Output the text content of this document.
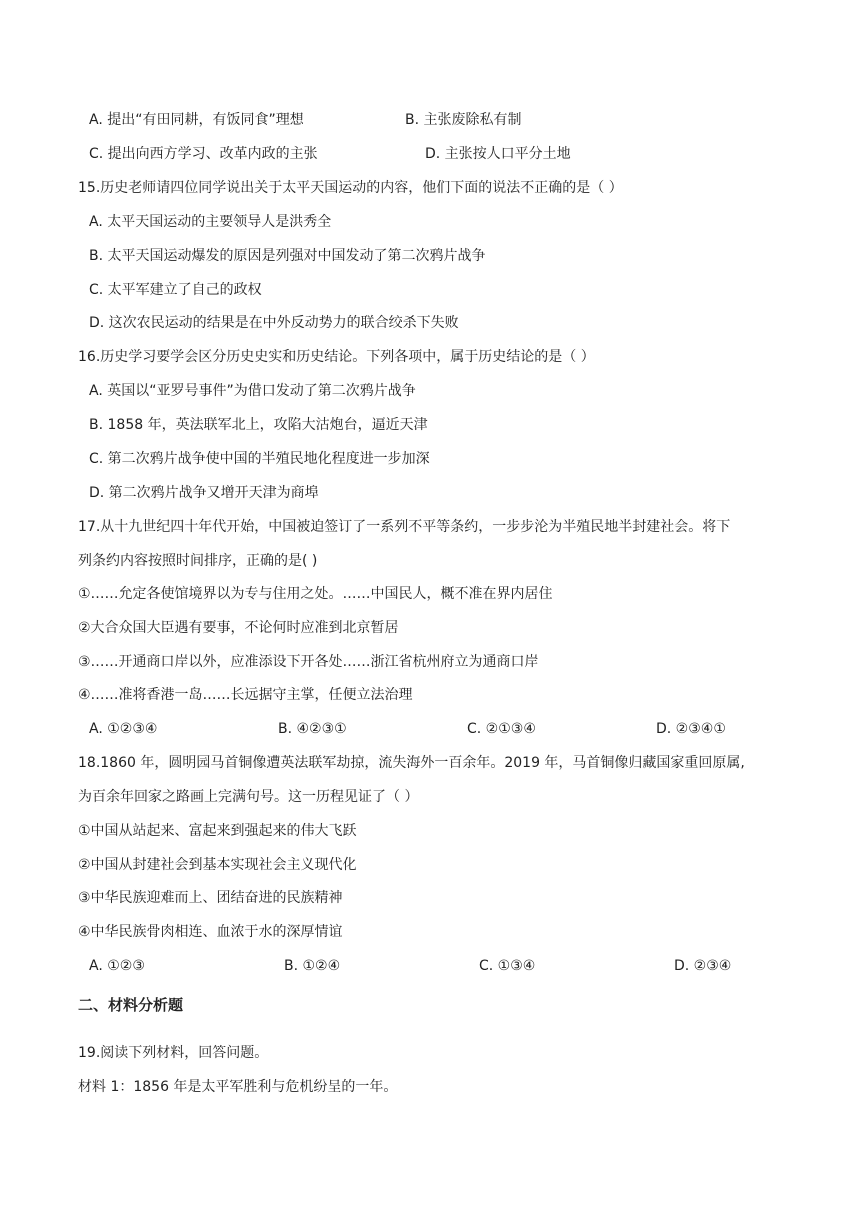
A. 提出“有田同耕，有饭同食”理想	B. 主张废除私有制
C. 提出向西方学习、改革内政的主张	D. 主张按人口平分土地
15.历史老师请四位同学说出关于太平天国运动的内容，他们下面的说法不正确的是（ ）
A. 太平天国运动的主要领导人是洪秀全
B. 太平天国运动爆发的原因是列强对中国发动了第二次鸦片战争
C. 太平军建立了自己的政权
D. 这次农民运动的结果是在中外反动势力的联合绞杀下失败
16.历史学习要学会区分历史史实和历史结论。下列各项中，属于历史结论的是（ ）
A. 英国以“亚罗号事件”为借口发动了第二次鸦片战争
B. 1858 年，英法联军北上，攻陷大沽炮台，逼近天津
C. 第二次鸦片战争使中国的半殖民地化程度进一步加深
D. 第二次鸦片战争又增开天津为商埠
17.从十九世纪四十年代开始，中国被迫签订了一系列不平等条约，一步步沦为半殖民地半封建社会。将下
列条约内容按照时间排序，正确的是( )
①……允定各使馆境界以为专与住用之处。……中国民人，概不准在界内居住
②大合众国大臣遇有要事，不论何时应准到北京暂居
③……开通商口岸以外，应准添设下开各处……浙江省杭州府立为通商口岸
④……准将香港一岛……长远据守主掌，任便立法治理
A. ①②③④	B. ④②③①	C. ②①③④	D. ②③④①
18.1860 年，圆明园马首铜像遭英法联军劫掠，流失海外一百余年。2019 年，马首铜像归藏国家重回原属,
为百余年回家之路画上完满句号。这一历程见证了（ ）
①中国从站起来、富起来到强起来的伟大飞跃
②中国从封建社会到基本实现社会主义现代化
③中华民族迎难而上、团结奋进的民族精神
④中华民族骨肉相连、血浓于水的深厚情谊
A. ①②③	B. ①②④	C. ①③④	D. ②③④
二、材料分析题
19.阅读下列材料，回答问题。
材料 1：1856 年是太平军胜利与危机纷呈的一年。
